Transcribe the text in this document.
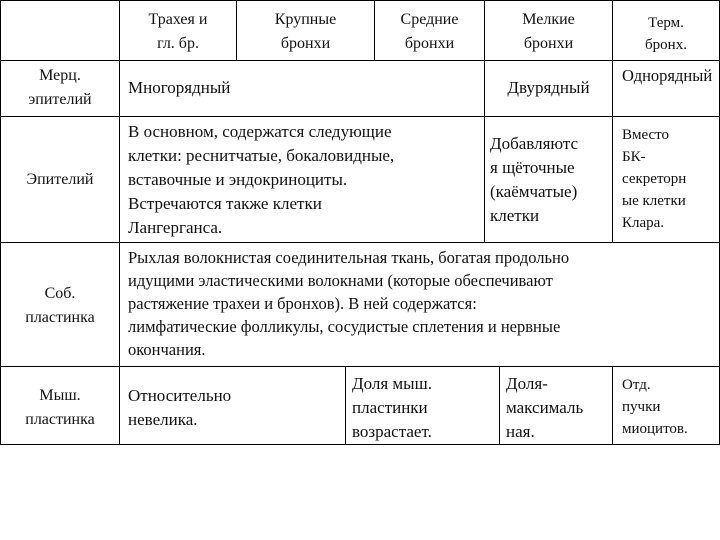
Трахея и
гл. бр.
Крупные
бронхи
Средние
бронхи
Мелкие
бронхи
Терм.
бронх.
Мерц.
эпителий
Многорядный	Двурядный
Однорядный
Эпителий
В основном, содержатся следующие
клетки: реснитчатые, бокаловидные,
вставочные и эндокриноциты.
Встречаются также клетки
Лангерганса.
Добавляютс
я щёточные
(каёмчатые)
клетки
Вместо
БК-
секреторн
ые клетки
Клара.
Соб.
пластинка
Рыхлая волокнистая соединительная ткань, богатая продольно
идущими эластическими волокнами (которые обеспечивают
растяжение трахеи и бронхов). В ней содержатся:
лимфатические фолликулы, сосудистые сплетения и нервные
окончания.
Мыш.
пластинка
Относительно
невелика.
Доля мыш.
пластинки
возрастает.
Доля-
максималь
ная.
Отд.
пучки
миоцитов.
